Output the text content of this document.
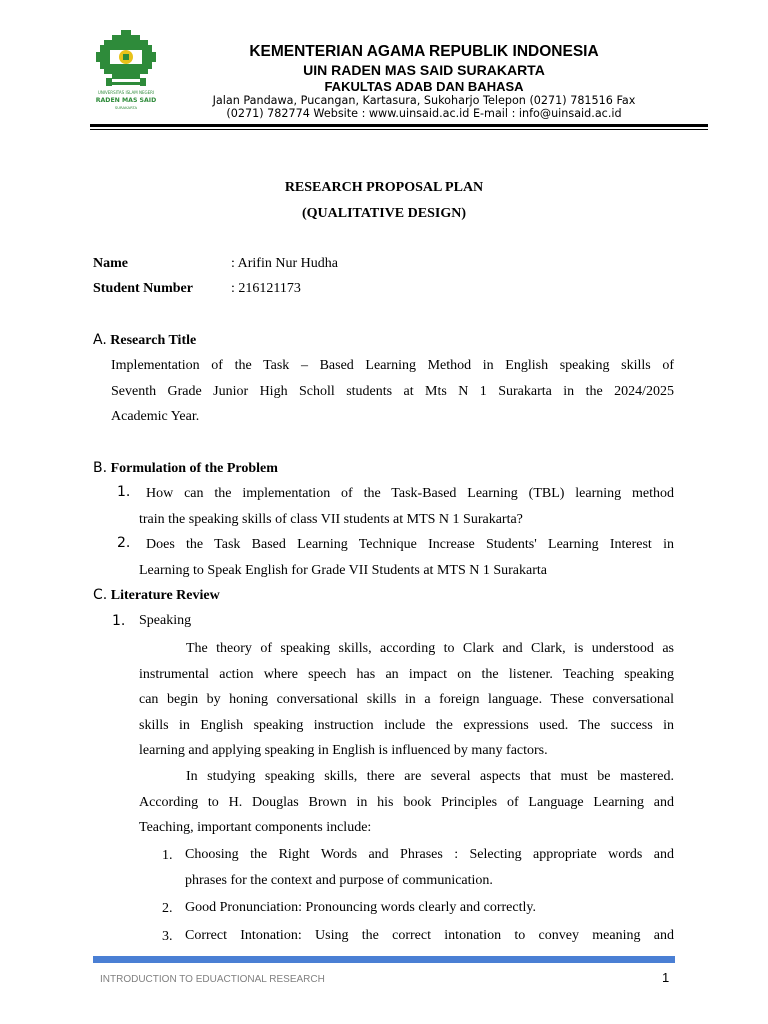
UNIVERSITAS ISLAM NEGERI
RADEN MAS SAID
SURAKARTA
KEMENTERIAN AGAMA REPUBLIK INDONESIA
UIN RADEN MAS SAID SURAKARTA
FAKULTAS ADAB DAN BAHASA
Jalan Pandawa, Pucangan, Kartasura, Sukoharjo Telepon (0271) 781516 Fax
(0271) 782774 Website : www.uinsaid.ac.id E-mail : info@uinsaid.ac.id
RESEARCH PROPOSAL PLAN
(QUALITATIVE DESIGN)
Name	: Arifin Nur Hudha
Student Number	: 216121173
A. Research Title
Implementation of the Task – Based Learning Method in English speaking skills of
Seventh Grade Junior High Scholl students at Mts N 1 Surakarta in the 2024/2025
Academic Year.
B. Formulation of the Problem
1.	How can the implementation of the Task-Based Learning (TBL) learning method
train the speaking skills of class VII students at MTS N 1 Surakarta?
2.	Does the Task Based Learning Technique Increase Students' Learning Interest in
Learning to Speak English for Grade VII Students at MTS N 1 Surakarta
C. Literature Review
1. Speaking
The theory of speaking skills, according to Clark and Clark, is understood as
instrumental action where speech has an impact on the listener. Teaching speaking
can begin by honing conversational skills in a foreign language. These conversational
skills in English speaking instruction include the expressions used. The success in
learning and applying speaking in English is influenced by many factors.
In studying speaking skills, there are several aspects that must be mastered.
According to H. Douglas Brown in his book Principles of Language Learning and
Teaching, important components include:
1. Choosing the Right Words and Phrases : Selecting appropriate words and
phrases for the context and purpose of communication.
2. Good Pronunciation: Pronouncing words clearly and correctly.
3. Correct Intonation: Using the correct intonation to convey meaning and
INTRODUCTION TO EDUACTIONAL RESEARCH	1
